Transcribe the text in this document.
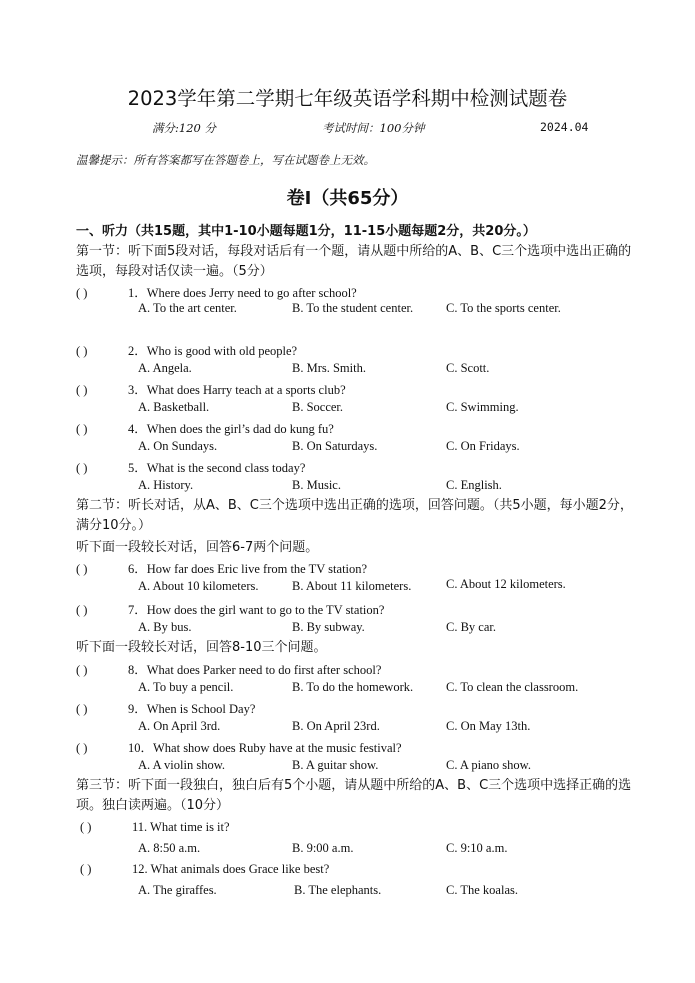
2023学年第二学期七年级英语学科期中检测试题卷
满分:120 分	考试时间：100分钟	2024.04
温馨提示：所有答案都写在答题卷上，写在试题卷上无效。
卷Ⅰ（共65分）
一、听力（共15题，其中1-10小题每题1分，11-15小题每题2分，共20分。）
第一节：听下面5段对话，每段对话后有一个题，请从题中所给的A、B、C三个选项中选出正确的选项，每段对话仅读一遍。（5分）
( )	1．Where does Jerry need to go after school?
A. To the art center.	B. To the student center.	C. To the sports center.
( )	2．Who is good with old people?
A. Angela.	B. Mrs. Smith.	C. Scott.
( )	3．What does Harry teach at a sports club?
A. Basketball.	B. Soccer.	C. Swimming.
( )	4．When does the girl’s dad do kung fu?
A. On Sundays.	B. On Saturdays.	C. On Fridays.
( )	5．What is the second class today?
A. History.	B. Music.	C. English.
第二节：听长对话，从A、B、C三个选项中选出正确的选项，回答问题。（共5小题，每小题2分，满分10分。）
听下面一段较长对话，回答6-7两个问题。
( )	6．How far does Eric live from the TV station?
A. About 10 kilometers.	B. About 11 kilometers.	C. About 12 kilometers.
( )	7．How does the girl want to go to the TV station?
A. By bus.	B. By subway.	C. By car.
听下面一段较长对话，回答8-10三个问题。
( )	8．What does Parker need to do first after school?
A. To buy a pencil.	B. To do the homework.	C. To clean the classroom.
( )	9．When is School Day?
A. On April 3rd.	B. On April 23rd.	C. On May 13th.
( )	10．What show does Ruby have at the music festival?
A. A violin show.	B. A guitar show.	C. A piano show.
第三节：听下面一段独白，独白后有5个小题，请从题中所给的A、B、C三个选项中选择正确的选项。独白读两遍。（10分）
( )	11. What time is it?
A. 8:50 a.m.	B. 9:00 a.m.	C. 9:10 a.m.
( )	12. What animals does Grace like best?
A. The giraffes.	B. The elephants.	C. The koalas.
